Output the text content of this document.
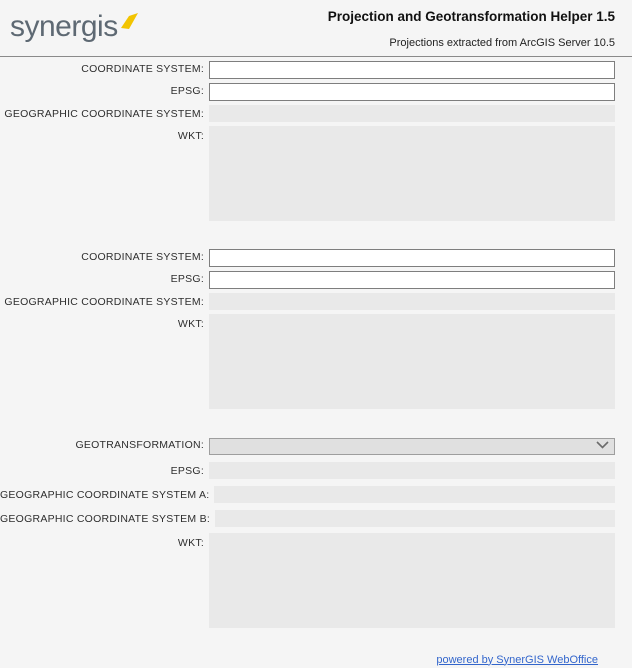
synergis	Projection and Geotransformation Helper 1.5
Projections extracted from ArcGIS Server 10.5
COORDINATE SYSTEM:
EPSG:
GEOGRAPHIC COORDINATE SYSTEM:
WKT:
COORDINATE SYSTEM:
EPSG:
GEOGRAPHIC COORDINATE SYSTEM:
WKT:
GEOTRANSFORMATION:
EPSG:
GEOGRAPHIC COORDINATE SYSTEM A:
GEOGRAPHIC COORDINATE SYSTEM B:
WKT:
powered by SynerGIS WebOffice
